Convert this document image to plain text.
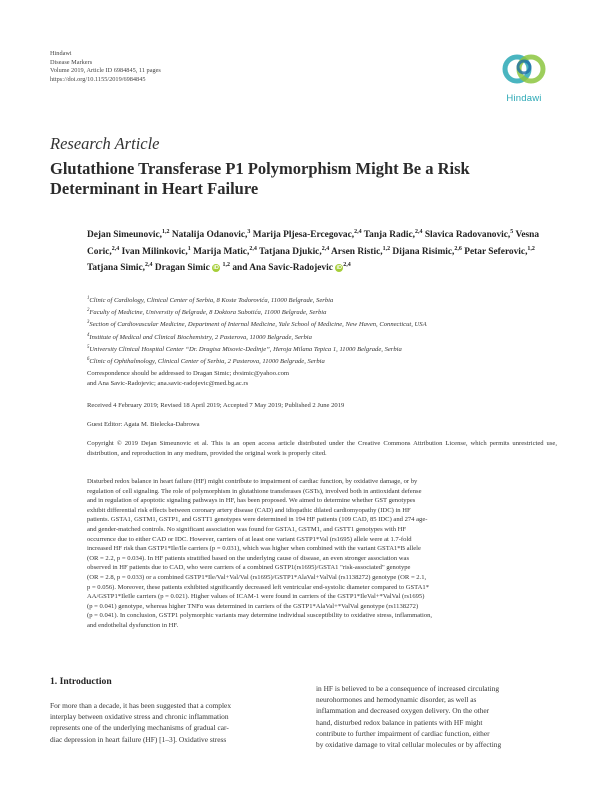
Hindawi
Disease Markers
Volume 2019, Article ID 6984845, 11 pages
https://doi.org/10.1155/2019/6984845
Hindawi
Research Article
Glutathione Transferase P1 Polymorphism Might Be a Risk
Determinant in Heart Failure
Dejan Simeunovic,$^{1,2}$ Natalija Odanovic,$^3$ Marija Pljesa-Ercegovac,$^{2,4}$ Tanja Radic,$^{2,4}$ Slavica Radovanovic,$^5$ Vesna Coric,$^{2,4}$ Ivan Milinkovic,$^1$ Marija Matic,$^{2,4}$ Tatjana Djukic,$^{2,4}$ Arsen Ristic,$^{1,2}$ Dijana Risimic,$^{2,6}$ Petar Seferovic,$^{1,2}$ Tatjana Simic,$^{2,4}$ Dragan Simic iD $^{1,2}$ and Ana Savic-Radojevic iD$^{2,4}$
$^1$Clinic of Cardiology, Clinical Center of Serbia, 8 Koste Todorovića, 11000 Belgrade, Serbia
$^2$Faculty of Medicine, University of Belgrade, 8 Doktora Subotića, 11000 Belgrade, Serbia
$^3$Section of Cardiovascular Medicine, Department of Internal Medicine, Yale School of Medicine, New Haven, Connecticut, USA
$^4$Institute of Medical and Clinical Biochemistry, 2 Pasterova, 11000 Belgrade, Serbia
$^5$University Clinical Hospital Center “Dr. Dragisa Misovic-Dedinje”, Heroja Milana Tepica 1, 11000 Belgrade, Serbia
$^6$Clinic of Ophthalmology, Clinical Center of Serbia, 2 Pasterova, 11000 Belgrade, Serbia
Correspondence should be addressed to Dragan Simic; dvsimic@yahoo.com
and Ana Savic-Radojevic; ana.savic-radojevic@med.bg.ac.rs
Received 4 February 2019; Revised 18 April 2019; Accepted 7 May 2019; Published 2 June 2019
Guest Editor: Agata M. Bielecka-Dabrowa
Copyright © 2019 Dejan Simeunovic et al. This is an open access article distributed under the Creative Commons Attribution License, which permits unrestricted use, distribution, and reproduction in any medium, provided the original work is properly cited.
Disturbed redox balance in heart failure (HF) might contribute to impairment of cardiac function, by oxidative damage, or by
regulation of cell signaling. The role of polymorphism in glutathione transferases (GSTs), involved both in antioxidant defense
and in regulation of apoptotic signaling pathways in HF, has been proposed. We aimed to determine whether GST genotypes
exhibit differential risk effects between coronary artery disease (CAD) and idiopathic dilated cardiomyopathy (IDC) in HF
patients. GSTA1, GSTM1, GSTP1, and GSTT1 genotypes were determined in 194 HF patients (109 CAD, 85 IDC) and 274 age-
and gender-matched controls. No significant association was found for GSTA1, GSTM1, and GSTT1 genotypes with HF
occurrence due to either CAD or IDC. However, carriers of at least one variant GSTP1*Val (rs1695) allele were at 1.7-fold
increased HF risk than GSTP1*Ile/Ile carriers (p = 0.031), which was higher when combined with the variant GSTA1*B allele
(OR = 2.2, p = 0.034). In HF patients stratified based on the underlying cause of disease, an even stronger association was
observed in HF patients due to CAD, who were carriers of a combined GSTP1(rs1695)/GSTA1 "risk-associated" genotype
(OR = 2.8, p = 0.033) or a combined GSTP1*Ile/Val+Val/Val (rs1695)/GSTP1*AlaVal+ValVal (rs1138272) genotype (OR = 2.1,
p = 0.056). Moreover, these patients exhibited significantly decreased left ventricular end-systolic diameter compared to GSTA1*
AA/GSTP1*IleIle carriers (p = 0.021). Higher values of ICAM-1 were found in carriers of the GSTP1*IleVal+*ValVal (rs1695)
(p = 0.041) genotype, whereas higher TNFα was determined in carriers of the GSTP1*AlaVal+*ValVal genotype (rs1138272)
(p = 0.041). In conclusion, GSTP1 polymorphic variants may determine individual susceptibility to oxidative stress, inflammation,
and endothelial dysfunction in HF.
1. Introduction
For more than a decade, it has been suggested that a complex
interplay between oxidative stress and chronic inflammation
represents one of the underlying mechanisms of gradual car-
diac depression in heart failure (HF) [1–3]. Oxidative stress
in HF is believed to be a consequence of increased circulating
neurohormones and hemodynamic disorder, as well as
inflammation and decreased oxygen delivery. On the other
hand, disturbed redox balance in patients with HF might
contribute to further impairment of cardiac function, either
by oxidative damage to vital cellular molecules or by affecting
